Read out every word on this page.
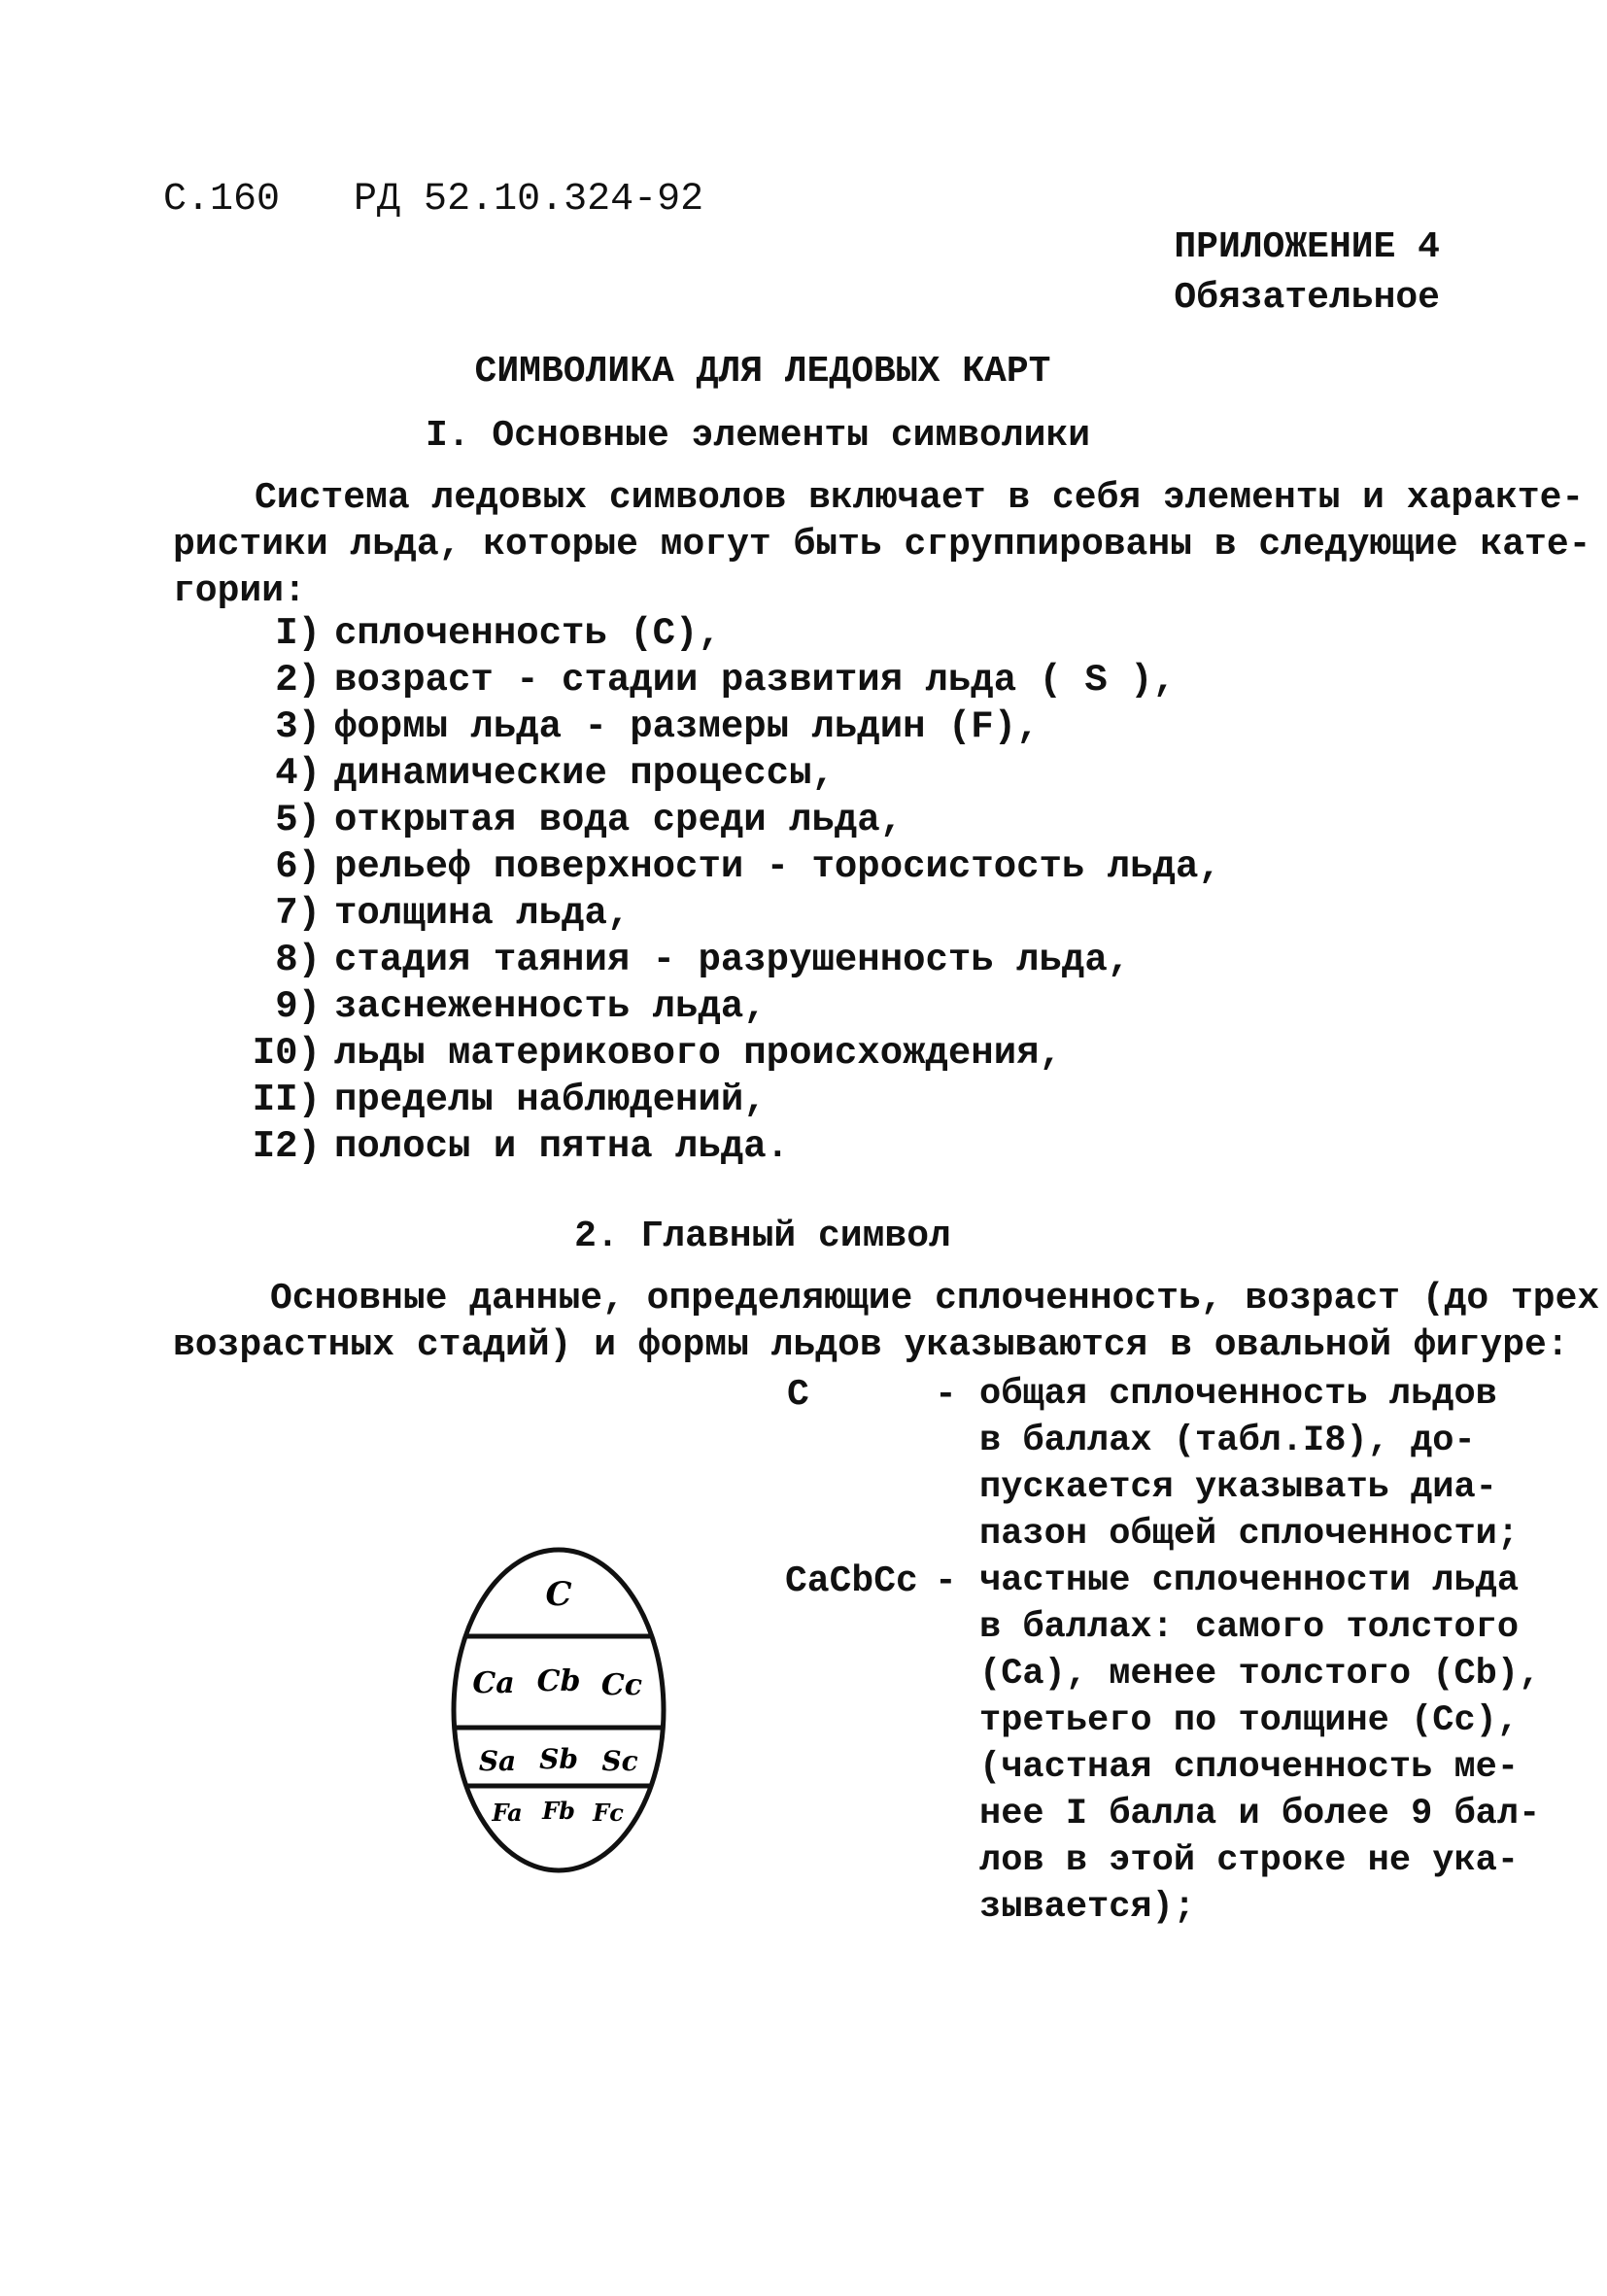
С.160 РД 52.10.324-92
ПРИЛОЖЕНИЕ 4
Обязательное
СИМВОЛИКА ДЛЯ ЛЕДОВЫХ КАРТ
I. Основные элементы символики
Система ледовых символов включает в себя элементы и характе-
ристики льда, которые могут быть сгруппированы в следующие кате-
гории:
I) сплоченность (С),
2) возраст - стадии развития льда ( S ),
3) формы льда - размеры льдин (F),
4) динамические процессы,
5) открытая вода среди льда,
6) рельеф поверхности - торосистость льда,
7) толщина льда,
8) стадия таяния - разрушенность льда,
9) заснеженность льда,
I0) льды материкового происхождения,
II) пределы наблюдений,
I2) полосы и пятна льда.
2. Главный символ
Основные данные, определяющие сплоченность, возраст (до трех
возрастных стадий) и формы льдов указываются в овальной фигуре:
С	- общая сплоченность льдов
в баллах (табл.I8), до-
пускается указывать диа-
пазон общей сплоченности;
CaCbCc - частные сплоченности льда
в баллах: самого толстого
(Ca), менее толстого (Cb),
третьего по толщине (Cc),
(частная сплоченность ме-
нее I балла и более 9 бал-
лов в этой строке не ука-
зывается);
C
Ca Cb Cc
Sa Sb Sc
Fa Fb Fc
